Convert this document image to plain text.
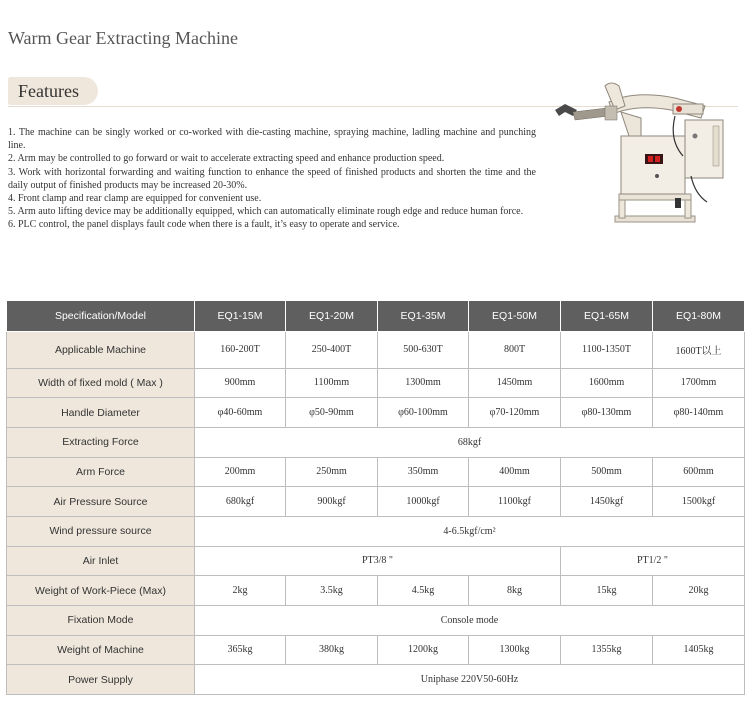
Warm Gear Extracting Machine
Features
1. The machine can be singly worked or co-worked with die-casting machine, spraying machine, ladling machine and punching line.
2. Arm may be controlled to go forward or wait to accelerate extracting speed and enhance production speed.
3. Work with horizontal forwarding and waiting function to enhance the speed of finished products and shorten the time and the daily output of finished products may be increased 20-30%.
4. Front clamp and rear clamp are equipped for convenient use.
5. Arm auto lifting device may be additionally equipped, which can automatically eliminate rough edge and reduce human force.
6. PLC control, the panel displays fault code when there is a fault, it’s easy to operate and service.
Specification/Model	EQ1-15M	EQ1-20M	EQ1-35M	EQ1-50M	EQ1-65M	EQ1-80M
Applicable Machine	160-200T	250-400T	500-630T	800T	1100-1350T	1600T以上
Width of fixed mold ( Max )	900mm	1100mm	1300mm	1450mm	1600mm	1700mm
Handle Diameter	φ40-60mm	φ50-90mm	φ60-100mm	φ70-120mm	φ80-130mm	φ80-140mm
Extracting Force	68kgf					
Arm Force	200mm	250mm	350mm	400mm	500mm	600mm
Air Pressure Source	680kgf	900kgf	1000kgf	1100kgf	1450kgf	1500kgf
Wind pressure source	4-6.5kgf/cm²					
Air Inlet	PT3/8 "				PT1/2 "	
Weight of Work-Piece (Max)	2kg	3.5kg	4.5kg	8kg	15kg	20kg
Fixation Mode	Console mode					
Weight of Machine	365kg	380kg	1200kg	1300kg	1355kg	1405kg
Power Supply	Uniphase 220V50-60Hz					
